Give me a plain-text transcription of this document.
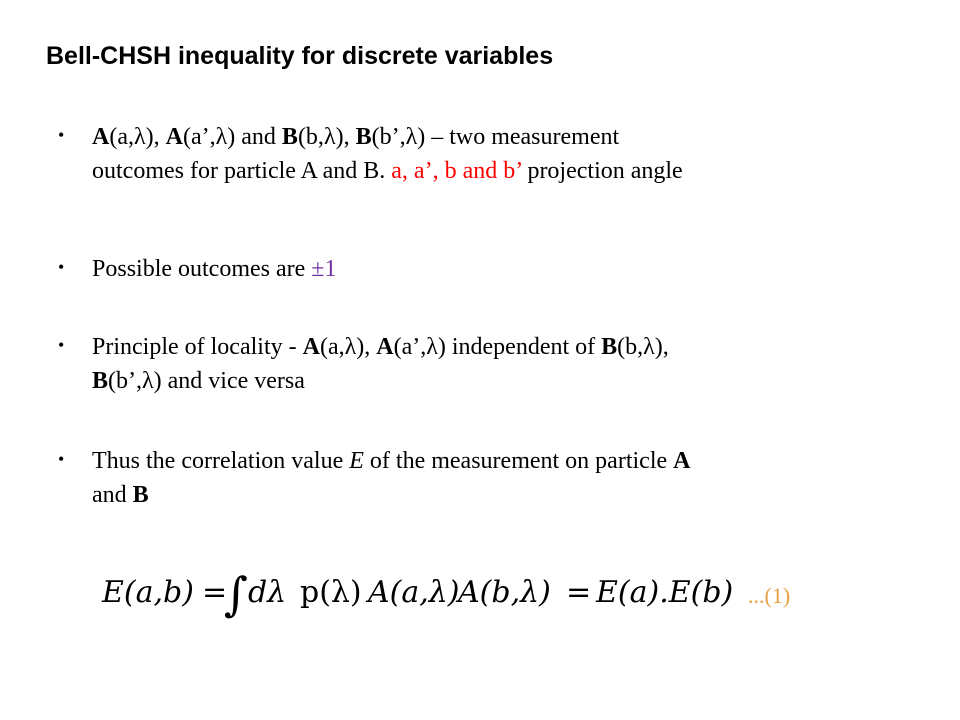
Bell-CHSH inequality for discrete variables
• A(a,λ), A(a’,λ) and B(b,λ), B(b’,λ) – two measurement
outcomes for particle A and B. a, a’, b and b’ projection angle
• Possible outcomes are ±1
• Principle of locality - A(a,λ), A(a’,λ) independent of B(b,λ),
B(b’,λ) and vice versa
• Thus the correlation value E of the measurement on particle A
and B
E(a,b) =
∫ dλ p(λ) A(a,λ)
A(b,λ) = E(a).E(b) ...(1)
